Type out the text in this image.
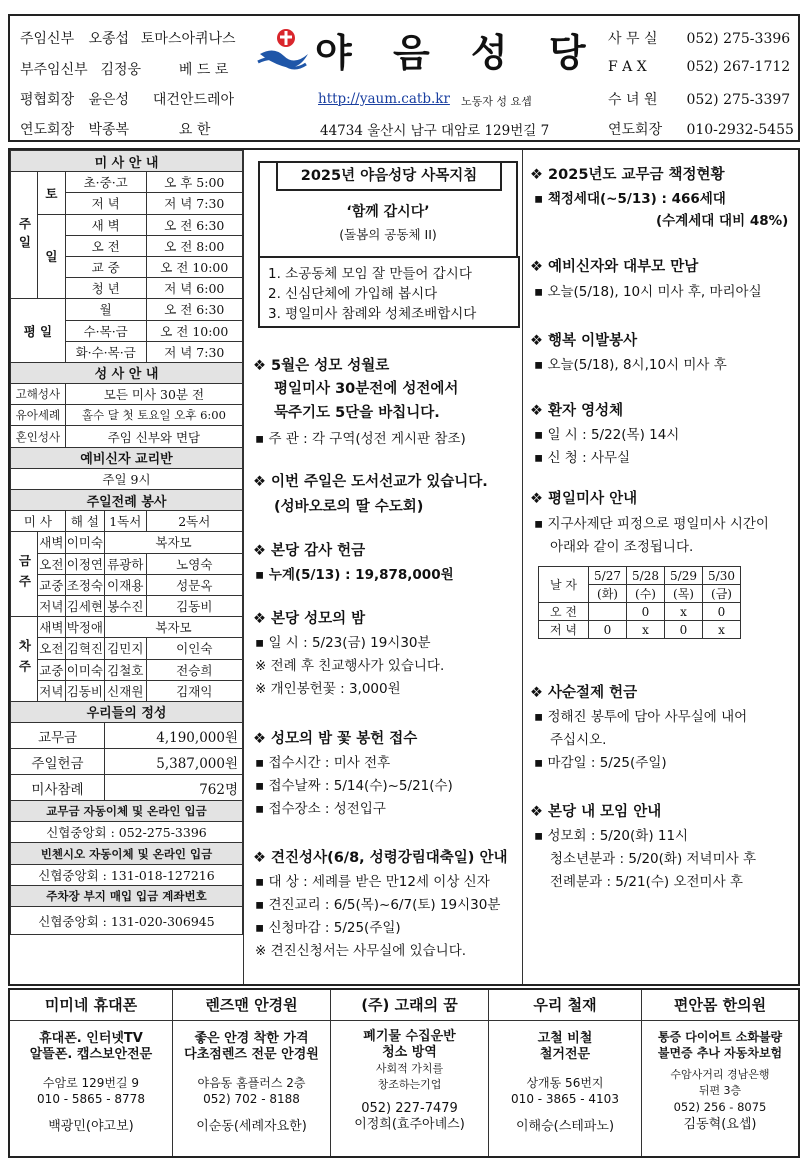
주임신부 오종섭 토마스아퀴나스
부주임신부 김정웅	베 드 로
평협회장 윤은성 대건안드레아
연도회장 박종복	요 한
야 음 성 당
http://yaum.catb.kr 노동자 성 요셉
44734 울산시 남구 대암로 129번길 7
사 무 실 052) 275-3396
F A X	052) 267-1712
수 녀 원 052) 275-3397
연도회장 010-2932-5455
미 사 안 내				
주일	토	초·중·고		오 후 5:00
		저 녁		저 녁 7:30
	일	새 벽		오 전 6:30
		오 전		오 전 8:00
		교 중		오 전 10:00
		청 년		저 녁 6:00
평 일		월		오 전 6:30
		수·목·금		오 전 10:00
		화·수·목·금		저 녁 7:30
성 사 안 내				
고해성사		모든 미사 30분 전		
유아세례		홀수 달 첫 토요일 오후 6:00		
혼인성사		주임 신부와 면담		
예비신자 교리반				
주일 9시				
주일전례 봉사				
미 사		해 설	1독서	2독서
금주	새벽	이미숙	복자모	
	오전	이정연	류광하	노영숙
	교중	조정숙	이재용	성문옥
	저녁	김세현	봉수진	김동비
차주	새벽	박정애	복자모	
	오전	김혁진	김민지	이인숙
	교중	이미숙	김철호	전승희
	저녁	김동비	신재원	김재익
우리들의 정성				
교무금			4,190,000원	
주일헌금			5,387,000원	
미사참례			762명	
교무금 자동이체 및 온라인 입금				
신협중앙회 : 052-275-3396				
빈첸시오 자동이체 및 온라인 입금				
신협중앙회 : 131-018-127216				
주차장 부지 매입 입금 계좌번호				
신협중앙회 : 131-020-306945				
2025년 야음성당 사목지침
‘함께 갑시다’
(돌봄의 공동체 II)
1. 소공동체 모임 잘 만들어 갑시다
2. 신심단체에 가입해 봅시다
3. 평일미사 참례와 성체조배합시다
❖ 5월은 성모 성월로
평일미사 30분전에 성전에서
묵주기도 5단을 바칩니다.
▪ 주 관 : 각 구역(성전 게시판 참조)
❖ 이번 주일은 도서선교가 있습니다.
(성바오로의 딸 수도회)
❖ 본당 감사 헌금
▪ 누계(5/13) : 19,878,000원
❖ 본당 성모의 밤
▪ 일 시 : 5/23(금) 19시30분
※ 전례 후 친교행사가 있습니다.
※ 개인봉헌꽃 : 3,000원
❖ 성모의 밤 꽃 봉헌 접수
▪ 접수시간 : 미사 전후
▪ 접수날짜 : 5/14(수)~5/21(수)
▪ 접수장소 : 성전입구
❖ 견진성사(6/8, 성령강림대축일) 안내
▪ 대 상 : 세례를 받은 만12세 이상 신자
▪ 견진교리 : 6/5(목)~6/7(토) 19시30분
▪ 신청마감 : 5/25(주일)
※ 견진신청서는 사무실에 있습니다.
❖ 2025년도 교무금 책정현황
▪ 책정세대(~5/13) : 466세대
(수계세대 대비 48%)
❖ 예비신자와 대부모 만남
▪ 오늘(5/18), 10시 미사 후, 마리아실
❖ 행복 이발봉사
▪ 오늘(5/18), 8시,10시 미사 후
❖ 환자 영성체
▪ 일 시 : 5/22(목) 14시
▪ 신 청 : 사무실
❖ 평일미사 안내
▪ 지구사제단 피정으로 평일미사 시간이
아래와 같이 조정됩니다.
날 자	5/27	5/28	5/29	5/30
	(화)	(수)	(목)	(금)
오 전		0	x	0
저 녁	0	x	0	x
❖ 사순절제 헌금
▪ 정해진 봉투에 담아 사무실에 내어
주십시오.
▪ 마감일 : 5/25(주일)
❖ 본당 내 모임 안내
▪ 성모회 : 5/20(화) 11시
청소년분과 : 5/20(화) 저녁미사 후
전례분과 : 5/21(수) 오전미사 후
미미네 휴대폰
휴대폰. 인터넷TV
알뜰폰. 캡스보안전문
수암로 129번길 9
010 - 5865 - 8778
백광민(야고보)
렌즈맨 안경원
좋은 안경 착한 가격
다초점렌즈 전문 안경원
야음동 홈플러스 2층
052) 702 - 8188
이순동(세례자요한)
(주) 고래의 꿈
폐기물 수집운반
청소 방역
사회적 가치를
창조하는기업
052) 227-7479
이정희(효주아녜스)
우리 철재
고철 비철
철거전문
상개동 56번지
010 - 3865 - 4103
이해승(스테파노)
편안몸 한의원
통증 다이어트 소화불량
불면증 추나 자동차보험
수암사거리 경남은행
뒤편 3층
052) 256 - 8075
김동혁(요셉)
